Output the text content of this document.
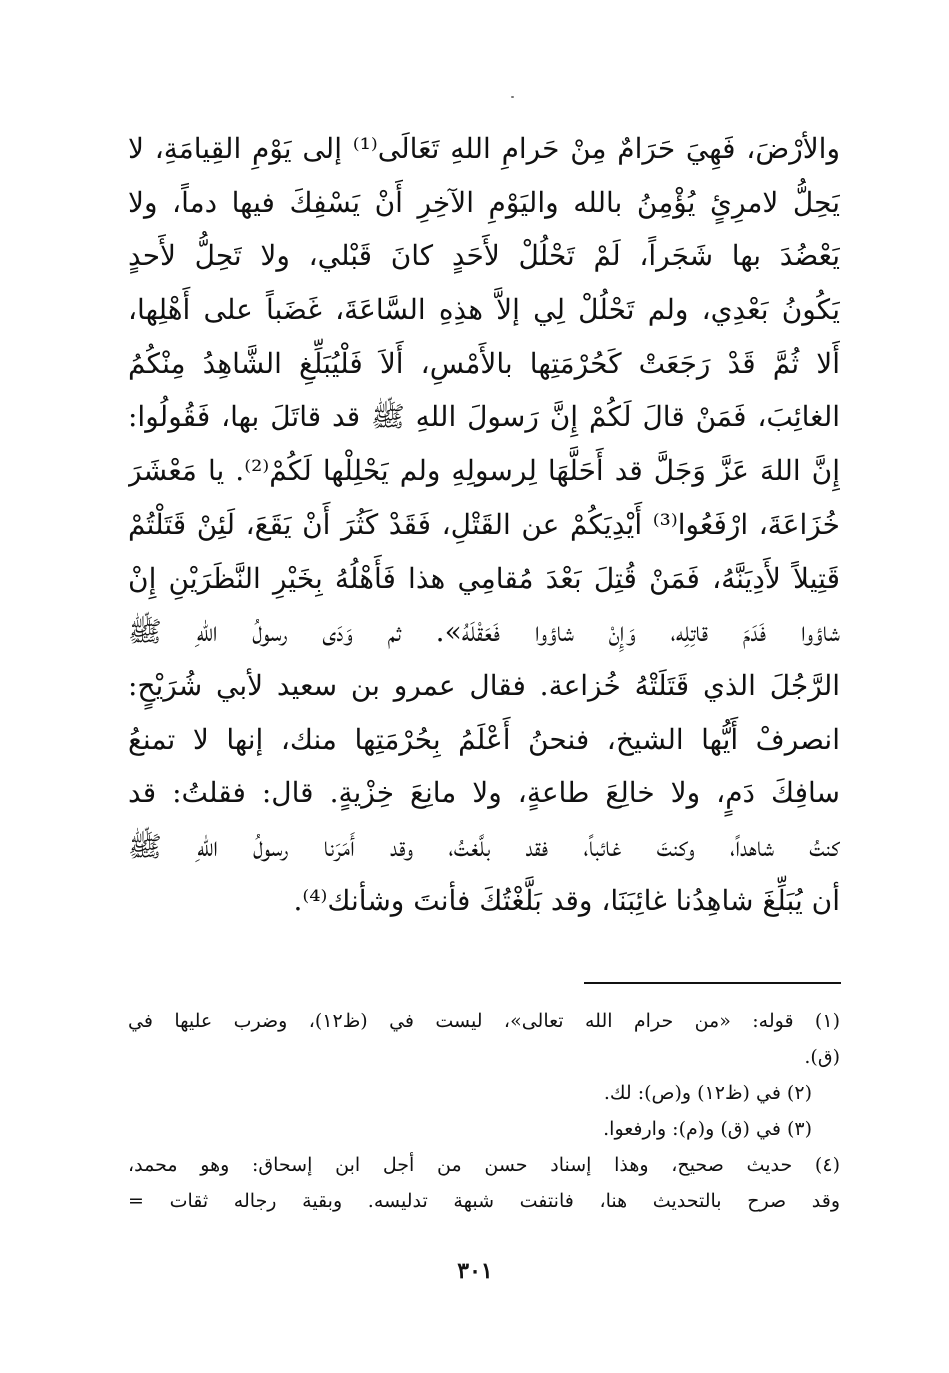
والأرْضَ، فَهِيَ حَرَامٌ مِنْ حَرامِ اللهِ تَعَالَى⁽¹⁾ إلى يَوْمِ القِيامَةِ، لا
يَحِلُّ لامرِئٍ يُؤْمِنُ بالله واليَوْمِ الآخِرِ أَنْ يَسْفِكَ فيها دماً، ولا
يَعْضُدَ بها شَجَراً، لَمْ تَحْلُلْ لأَحَدٍ كانَ قَبْلي، ولا تَحِلُّ لأَحدٍ
يَكُونُ بَعْدِي، ولم تَحْلُلْ لِي إلاَّ هذِهِ السَّاعَةَ، غَضَباً على أَهْلِها،
أَلا ثُمَّ قَدْ رَجَعَتْ كَحُرْمَتِها بالأَمْسِ، أَلاَ فَلْيُبَلِّغِ الشَّاهِدُ مِنْكُمُ
الغائِبَ، فَمَنْ قالَ لَكُمْ إِنَّ رَسولَ اللهِ ﷺ قد قاتَلَ بها، فَقُولُوا:
إِنَّ اللهَ عَزَّ وَجَلَّ قد أَحَلَّهَا لِرسولِهِ ولم يَحْلِلْها لَكُمْ⁽²⁾. يا مَعْشَرَ
خُزَاعَةَ، ارْفَعُوا⁽³⁾ أَيْدِيَكُمْ عن القَتْلِ، فَقَدْ كَثُرَ أَنْ يَقَعَ، لَئِنْ قَتَلْتُمْ
قَتِيلاً لأَدِيَنَّهُ، فَمَنْ قُتِلَ بَعْدَ مُقامِي هذا فَأَهْلُهُ بِخَيْرِ النَّظَرَيْنِ إِنْ
شاؤوا فَدَمَ قاتِلِه، وَإِنْ شاؤوا فَعَقْلَهُ». ثم وَدَى رسولُ اللهِ ﷺ
الرَّجُلَ الذي قَتَلَتْهُ خُزاعة. فقال عمرو بن سعيد لأبي شُرَيْحٍ:
انصرفْ أَيُّها الشيخ، فنحنُ أَعْلَمُ بِحُرْمَتِها منك، إنها لا تمنعُ
سافِكَ دَمٍ، ولا خالِعَ طاعةٍ، ولا مانِعَ خِزْيةٍ. قال: فقلتُ: قد
كنتُ شاهداً، وكنتَ غائباً، فقد بلَّغتُ، وقد أَمَرَنا رسولُ اللهِ ﷺ
أن يُبَلِّغَ شاهِدُنا غائِبَنَا، وقد بَلَّغْتُكَ فأنتَ وشأنك⁽⁴⁾.
(١) قوله: «من حرام الله تعالى»، ليست في (ظ١٢)، وضرب عليها في
(ق).
(٢) في (ظ١٢) و(ص): لك.
(٣) في (ق) و(م): وارفعوا.
(٤) حديث صحيح، وهذا إسناد حسن من أجل ابن إسحاق: وهو محمد،
وقد صرح بالتحديث هنا، فانتفت شبهة تدليسه. وبقية رجاله ثقات =
٣٠١
